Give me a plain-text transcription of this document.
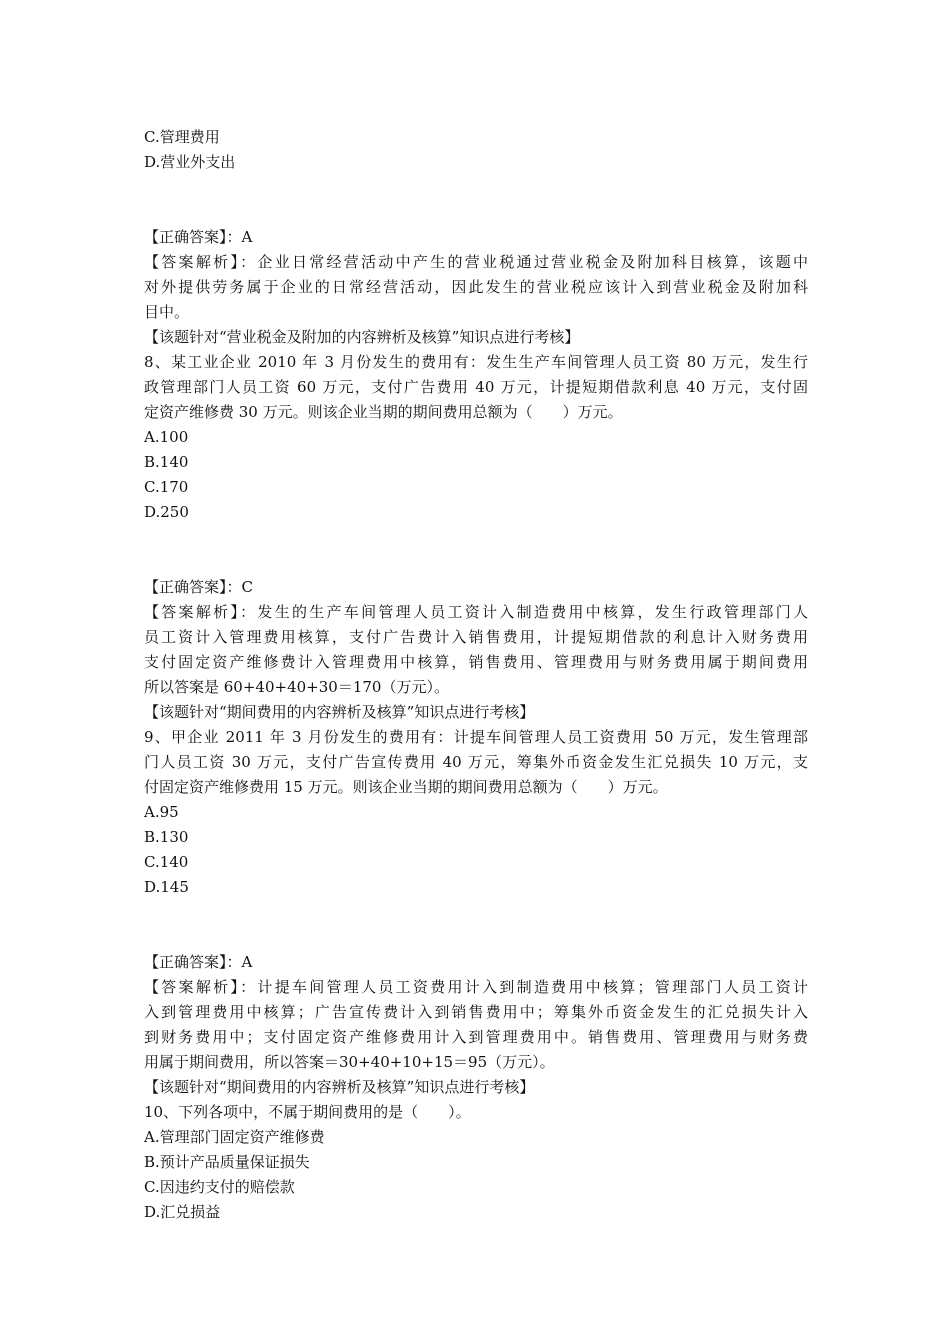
C.管理费用
D.营业外支出
【正确答案】：A
【答案解析】：企业日常经营活动中产生的营业税通过营业税金及附加科目核算，该题中
对外提供劳务属于企业的日常经营活动，因此发生的营业税应该计入到营业税金及附加科
目中。
【该题针对“营业税金及附加的内容辨析及核算”知识点进行考核】
8、某工业企业 2010 年 3 月份发生的费用有：发生生产车间管理人员工资 80 万元，发生行
政管理部门人员工资 60 万元，支付广告费用 40 万元，计提短期借款利息 40 万元，支付固
定资产维修费 30 万元。则该企业当期的期间费用总额为（　　）万元。
A.100
B.140
C.170
D.250
【正确答案】：C
【答案解析】：发生的生产车间管理人员工资计入制造费用中核算，发生行政管理部门人
员工资计入管理费用核算，支付广告费计入销售费用，计提短期借款的利息计入财务费用
支付固定资产维修费计入管理费用中核算，销售费用、管理费用与财务费用属于期间费用
所以答案是 60+40+40+30＝170（万元）。
【该题针对“期间费用的内容辨析及核算”知识点进行考核】
9、甲企业 2011 年 3 月份发生的费用有：计提车间管理人员工资费用 50 万元，发生管理部
门人员工资 30 万元，支付广告宣传费用 40 万元，筹集外币资金发生汇兑损失 10 万元，支
付固定资产维修费用 15 万元。则该企业当期的期间费用总额为（　　）万元。
A.95
B.130
C.140
D.145
【正确答案】：A
【答案解析】：计提车间管理人员工资费用计入到制造费用中核算；管理部门人员工资计
入到管理费用中核算；广告宣传费计入到销售费用中；筹集外币资金发生的汇兑损失计入
到财务费用中；支付固定资产维修费用计入到管理费用中。销售费用、管理费用与财务费
用属于期间费用，所以答案＝30+40+10+15＝95（万元）。
【该题针对“期间费用的内容辨析及核算”知识点进行考核】
10、下列各项中，不属于期间费用的是（　　）。
A.管理部门固定资产维修费
B.预计产品质量保证损失
C.因违约支付的赔偿款
D.汇兑损益
